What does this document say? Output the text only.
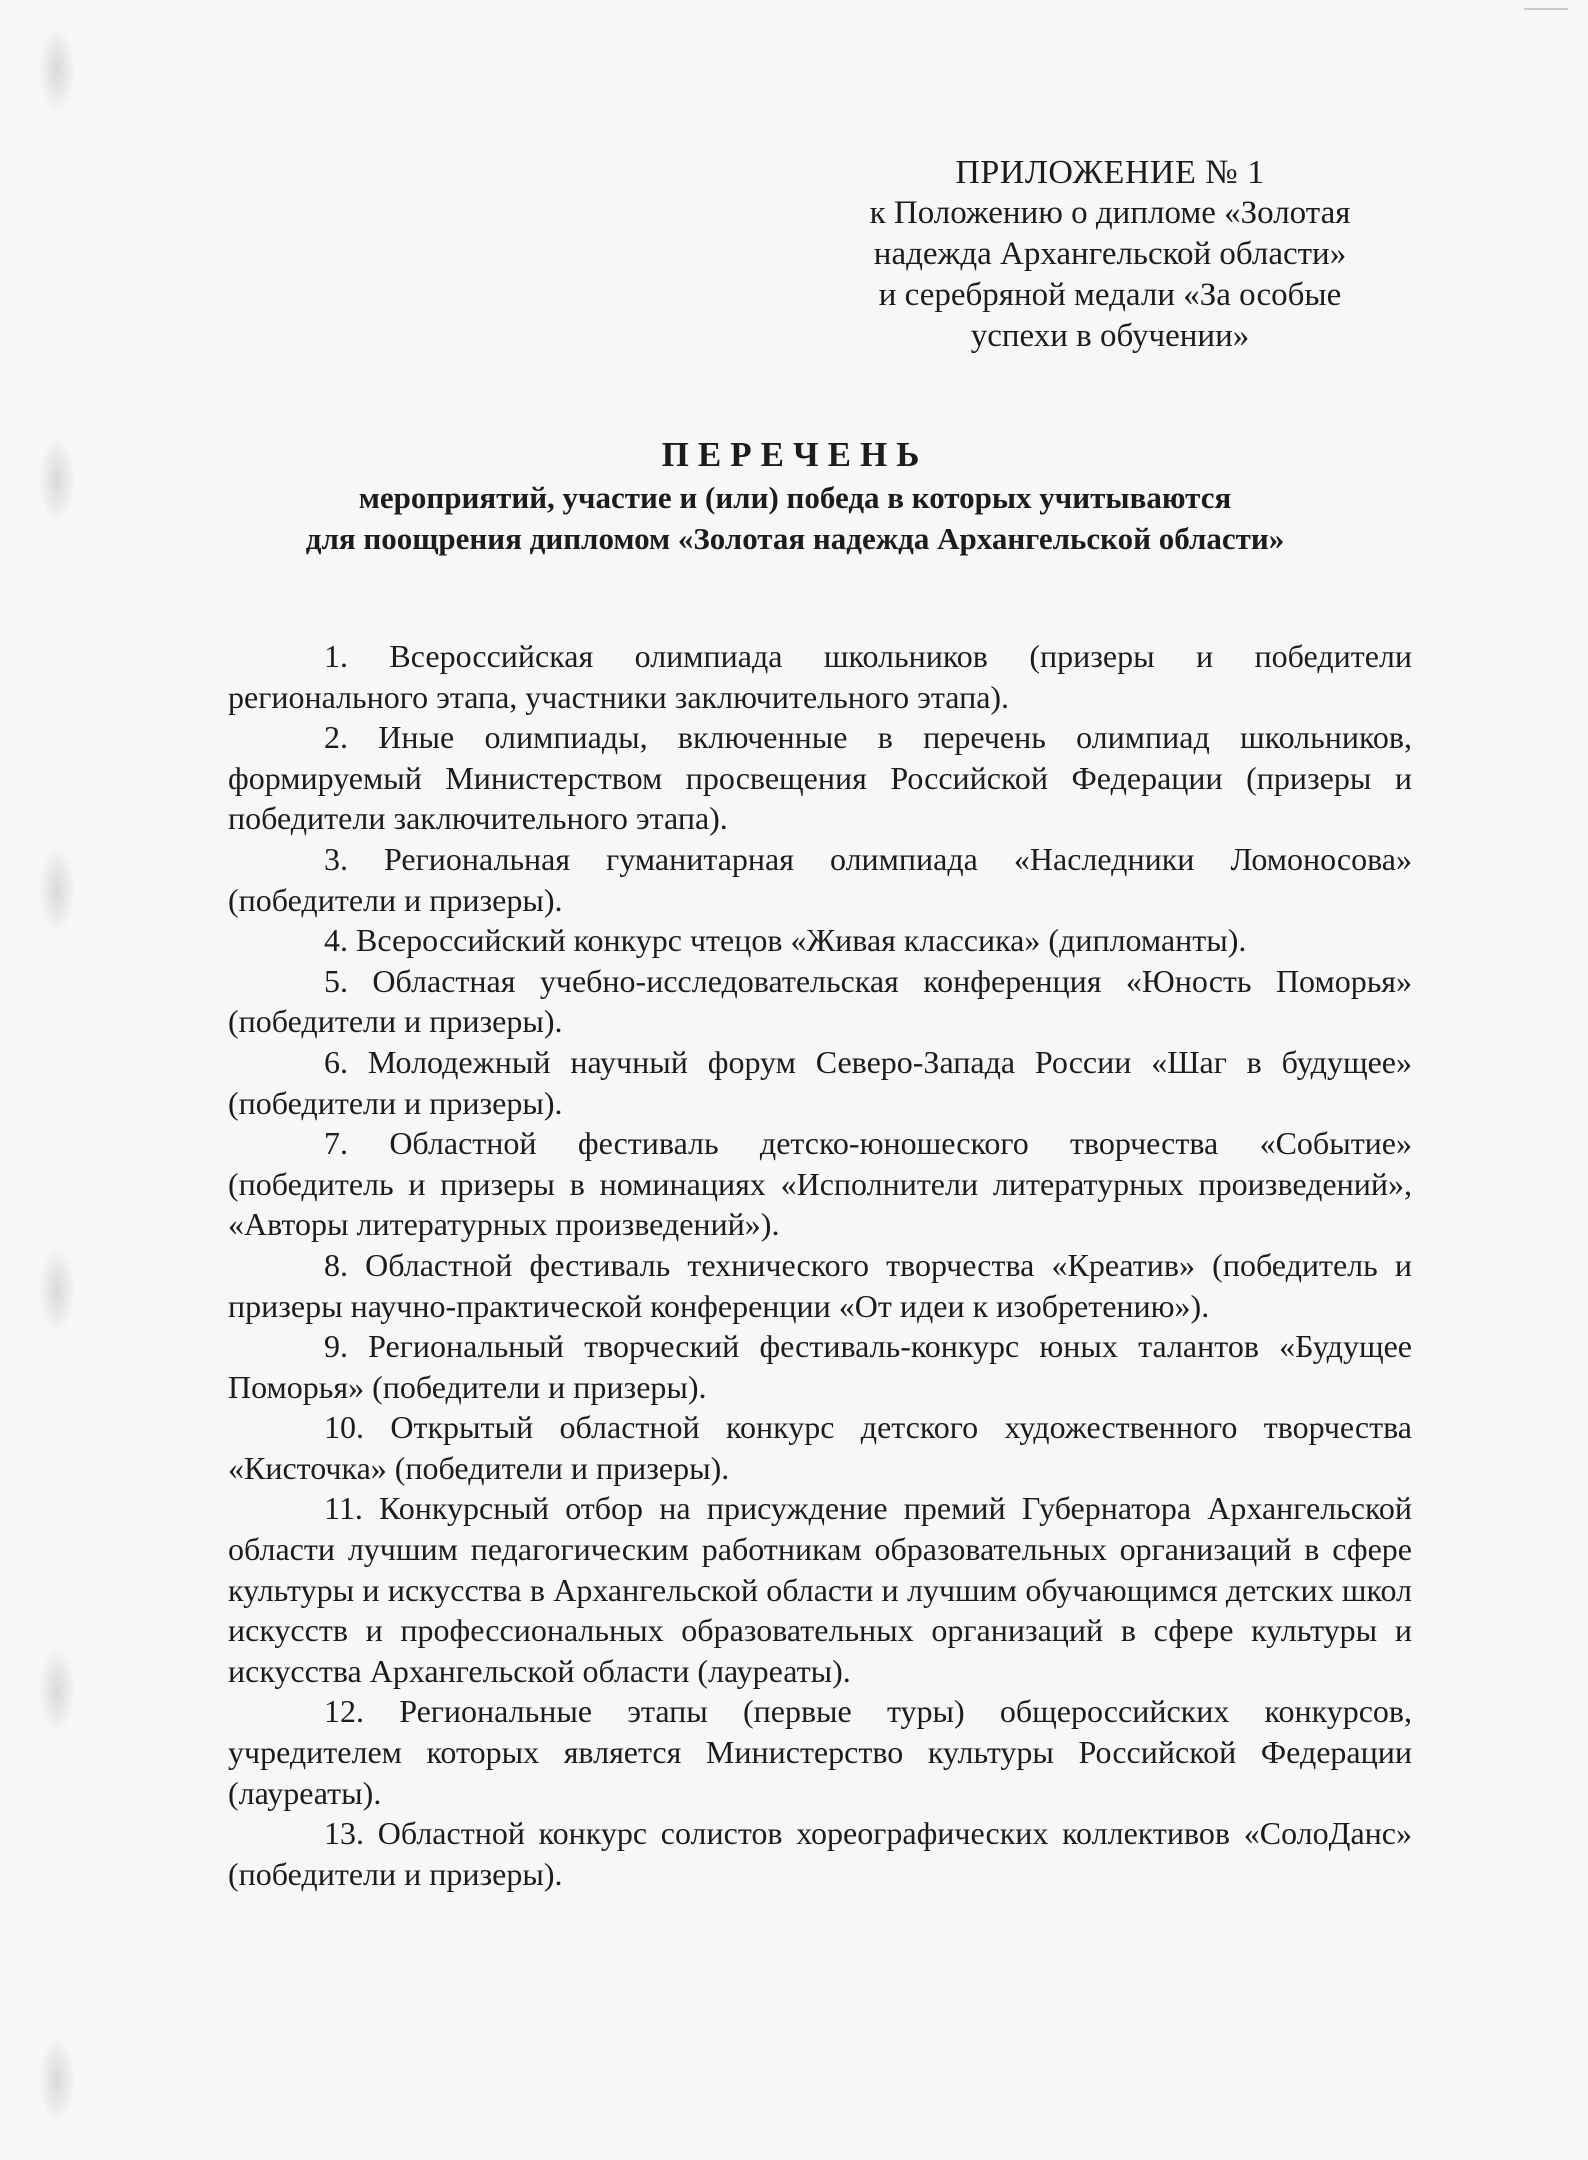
ПРИЛОЖЕНИЕ № 1
к Положению о дипломе «Золотая
надежда Архангельской области»
и серебряной медали «За особые
успехи в обучении»
ПЕРЕЧЕНЬ
мероприятий, участие и (или) победа в которых учитываются
для поощрения дипломом «Золотая надежда Архангельской области»

1. Всероссийская олимпиада школьников (призеры и победители регионального этапа, участники заключительного этапа).

2. Иные олимпиады, включенные в перечень олимпиад школьников, формируемый Министерством просвещения Российской Федерации (призеры и победители заключительного этапа).

3. Региональная гуманитарная олимпиада «Наследники Ломоносова» (победители и призеры).

4. Всероссийский конкурс чтецов «Живая классика» (дипломанты).

5. Областная учебно-исследовательская конференция «Юность Поморья» (победители и призеры).

6. Молодежный научный форум Северо-Запада России «Шаг в будущее» (победители и призеры).

7. Областной фестиваль детско-юношеского творчества «Событие» (победитель и призеры в номинациях «Исполнители литературных произведений», «Авторы литературных произведений»).

8. Областной фестиваль технического творчества «Креатив» (победитель и призеры научно-практической конференции «От идеи к изобретению»).

9. Региональный творческий фестиваль-конкурс юных талантов «Будущее Поморья» (победители и призеры).

10. Открытый областной конкурс детского художественного творчества «Кисточка» (победители и призеры).

11. Конкурсный отбор на присуждение премий Губернатора Архангельской области лучшим педагогическим работникам образовательных организаций в сфере культуры и искусства в Архангельской области и лучшим обучающимся детских школ искусств и профессиональных образовательных организаций в сфере культуры и искусства Архангельской области (лауреаты).

12. Региональные этапы (первые туры) общероссийских конкурсов, учредителем которых является Министерство культуры Российской Федерации (лауреаты).

13. Областной конкурс солистов хореографических коллективов «СолоДанс» (победители и призеры).
